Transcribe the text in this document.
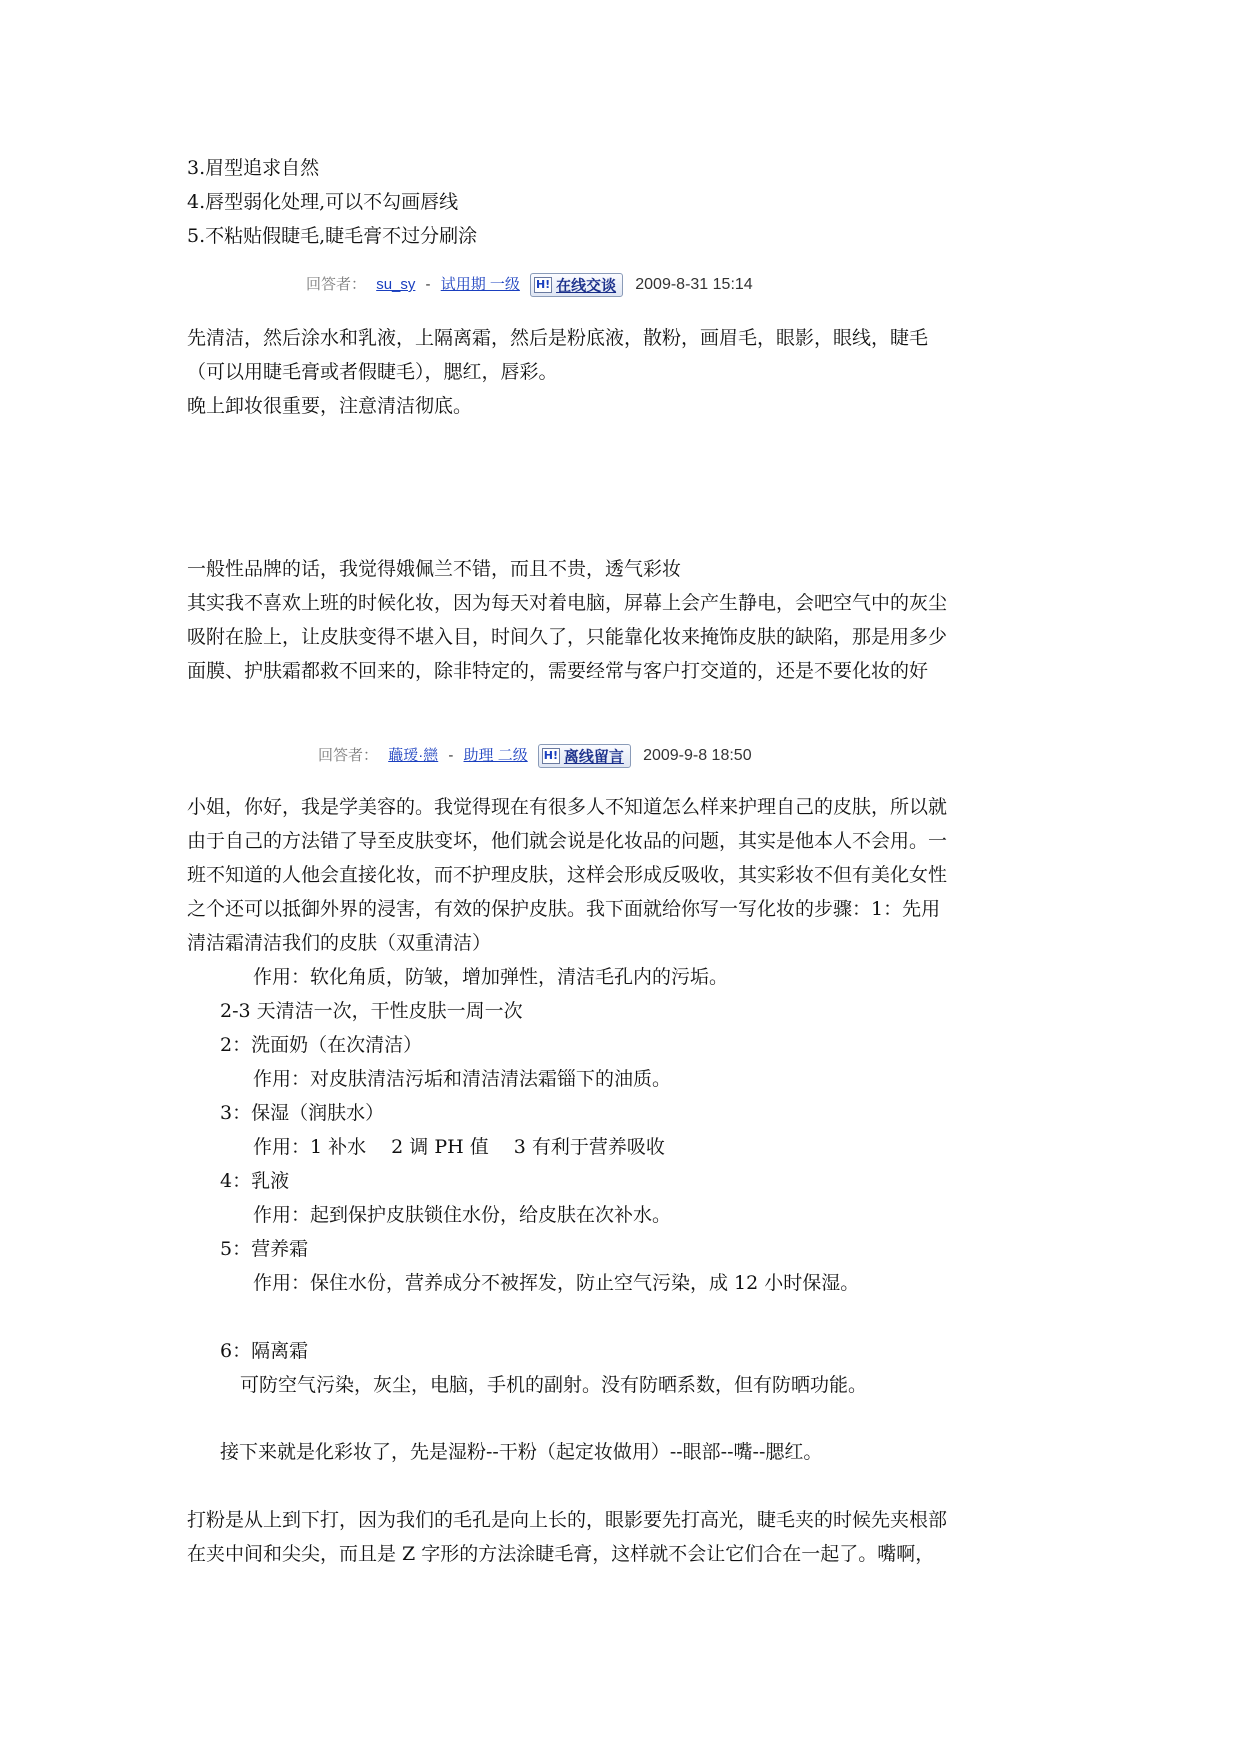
3.眉型追求自然
4.唇型弱化处理,可以不勾画唇线
5.不粘贴假睫毛,睫毛膏不过分刷涂
回答者： su_sy - 试用期 一级 H! 在线交谈 2009-8-31 15:14
先清洁，然后涂水和乳液，上隔离霜，然后是粉底液，散粉，画眉毛，眼影，眼线，睫毛
（可以用睫毛膏或者假睫毛），腮红，唇彩。
晚上卸妆很重要，注意清洁彻底。
一般性品牌的话，我觉得娥佩兰不错，而且不贵，透气彩妆
其实我不喜欢上班的时候化妆，因为每天对着电脑，屏幕上会产生静电，会吧空气中的灰尘
吸附在脸上，让皮肤变得不堪入目，时间久了，只能靠化妆来掩饰皮肤的缺陷，那是用多少
面膜、护肤霜都救不回来的，除非特定的，需要经常与客户打交道的，还是不要化妆的好
回答者： 蘵瑷·戀 - 助理 二级 H! 离线留言 2009-9-8 18:50
小姐，你好，我是学美容的。我觉得现在有很多人不知道怎么样来护理自己的皮肤，所以就
由于自己的方法错了导至皮肤变坏，他们就会说是化妆品的问题，其实是他本人不会用。一
班不知道的人他会直接化妆，而不护理皮肤，这样会形成反吸收，其实彩妆不但有美化女性
之个还可以抵御外界的浸害，有效的保护皮肤。我下面就给你写一写化妆的步骤：1：先用
清洁霜清洁我们的皮肤（双重清洁）
作用：软化角质，防皱，增加弹性，清洁毛孔内的污垢。
2-3 天清洁一次，干性皮肤一周一次
2：洗面奶（在次清洁）
作用：对皮肤清洁污垢和清洁清法霜锱下的油质。
3：保湿（润肤水）
作用：1 补水　 2 调 PH 值　 3 有利于营养吸收
4：乳液
作用：起到保护皮肤锁住水份，给皮肤在次补水。
5：营养霜
作用：保住水份，营养成分不被挥发，防止空气污染，成 12 小时保湿。
6：隔离霜
可防空气污染，灰尘，电脑，手机的副射。没有防晒系数，但有防晒功能。
接下来就是化彩妆了，先是湿粉--干粉（起定妆做用）--眼部--嘴--腮红。
打粉是从上到下打，因为我们的毛孔是向上长的，眼影要先打高光，睫毛夹的时候先夹根部
在夹中间和尖尖，而且是 Z 字形的方法涂睫毛膏，这样就不会让它们合在一起了。嘴啊，
